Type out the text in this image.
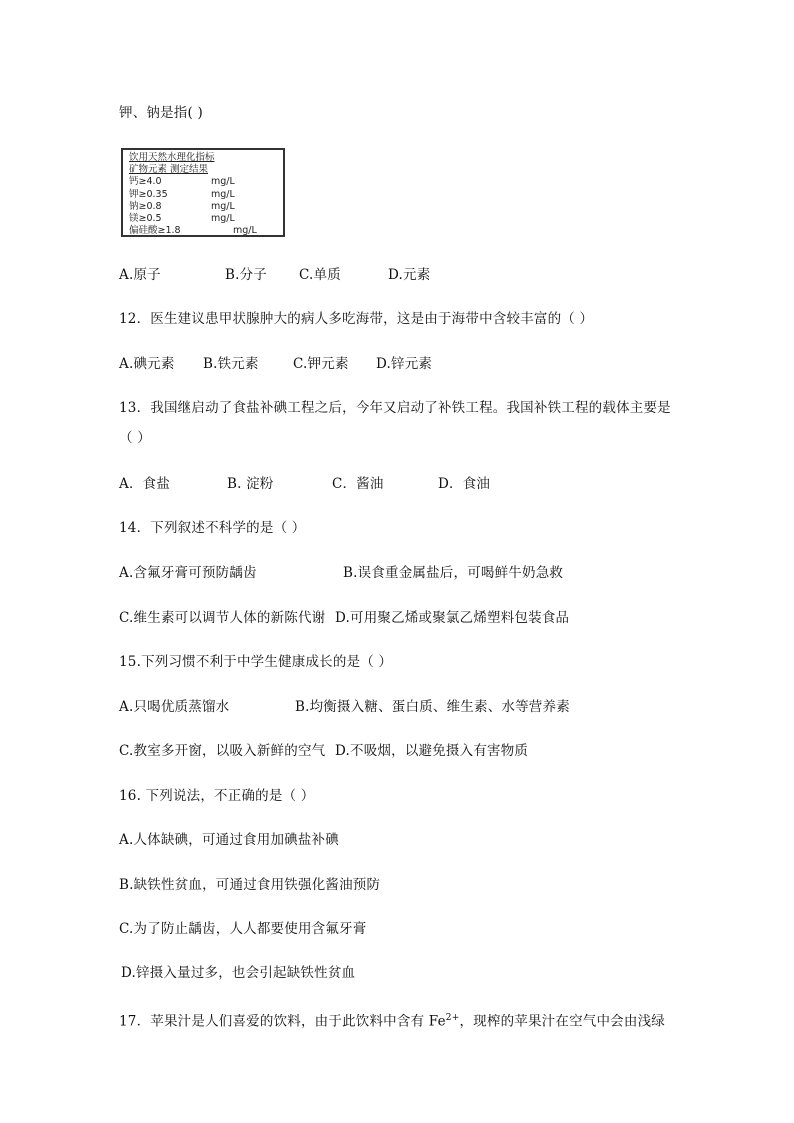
钾、钠是指( )
饮用天然水理化指标
矿物元素 测定结果
钙≥4.0	mg/L
钾≥0.35	mg/L
钠≥0.8	mg/L
镁≥0.5	mg/L
偏硅酸≥1.8	mg/L
A.原子	B.分子 C.单质	D.元素
12．医生建议患甲状腺肿大的病人多吃海带，这是由于海带中含较丰富的（ ）
A.碘元素 B.铁元素	C.钾元素 D.锌元素
13．我国继启动了食盐补碘工程之后，今年又启动了补铁工程。我国补铁工程的载体主要是
（ ）
A．食盐	B. 淀粉	C．酱油	D．食油
14．下列叙述不科学的是（ ）
A.含氟牙膏可预防龋齿	B.误食重金属盐后，可喝鲜牛奶急救
C.维生素可以调节人体的新陈代谢 D.可用聚乙烯或聚氯乙烯塑料包装食品
15.下列习惯不利于中学生健康成长的是（ ）
A.只喝优质蒸馏水	B.均衡摄入糖、蛋白质、维生素、水等营养素
C.教室多开窗，以吸入新鲜的空气 D.不吸烟，以避免摄入有害物质
16. 下列说法，不正确的是（ ）
A.人体缺碘，可通过食用加碘盐补碘
B.缺铁性贫血，可通过食用铁强化酱油预防
C.为了防止龋齿，人人都要使用含氟牙膏
D.锌摄入量过多，也会引起缺铁性贫血
17．苹果汁是人们喜爱的饮料，由于此饮料中含有 $Fe^{2+}$，现榨的苹果汁在空气中会由浅绿
